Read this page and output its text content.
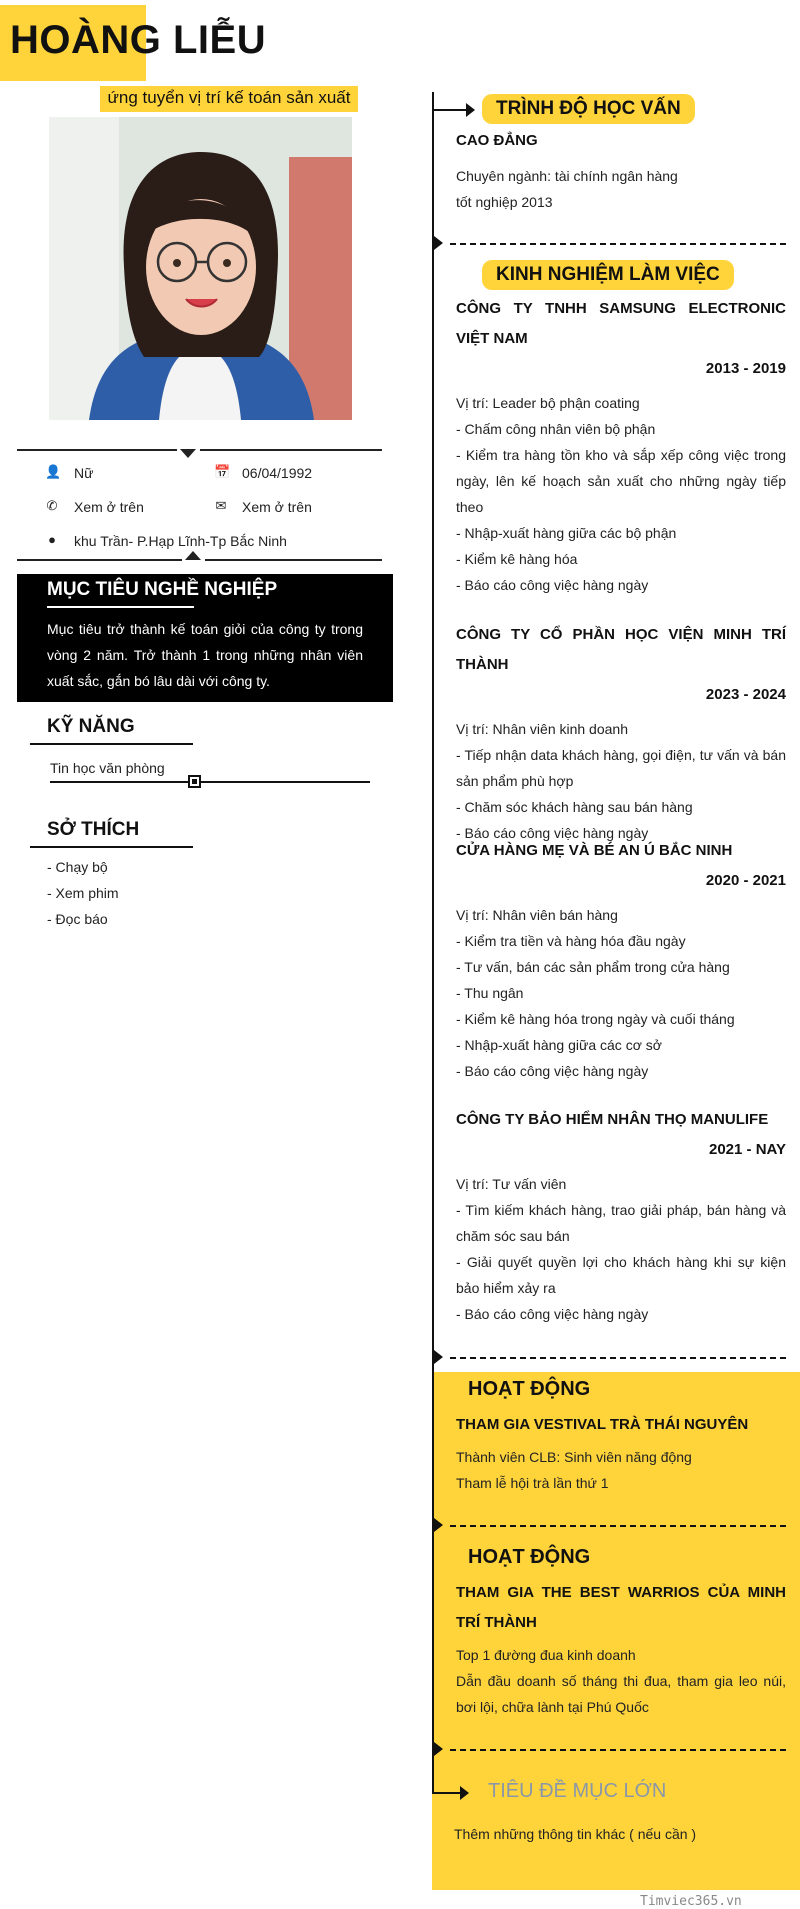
HOÀNG LIỄU
ứng tuyển vị trí kế toán sản xuất
👤 Nữ	📅 06/04/1992
✆ Xem ở trên	✉ Xem ở trên
● khu Trần- P.Hạp Lĩnh-Tp Bắc Ninh
MỤC TIÊU NGHỀ NGHIỆP
Mục tiêu trở thành kế toán giỏi của công ty trong vòng 2 năm. Trở thành 1 trong những nhân viên xuất sắc, gắn bó lâu dài với công ty.
KỸ NĂNG
Tin học văn phòng
SỞ THÍCH
- Chạy bộ
- Xem phim
- Đọc báo
TRÌNH ĐỘ HỌC VẤN
CAO ĐẲNG
Chuyên ngành: tài chính ngân hàng
tốt nghiệp 2013
KINH NGHIỆM LÀM VIỆC
CÔNG TY TNHH SAMSUNG ELECTRONIC VIỆT NAM
2013 - 2019
Vị trí: Leader bộ phận coating
- Chấm công nhân viên bộ phận
- Kiểm tra hàng tồn kho và sắp xếp công việc trong ngày, lên kế hoạch sản xuất cho những ngày tiếp theo
- Nhập-xuất hàng giữa các bộ phận
- Kiểm kê hàng hóa
- Báo cáo công việc hàng ngày
CÔNG TY CỔ PHẦN HỌC VIỆN MINH TRÍ THÀNH
2023 - 2024
Vị trí: Nhân viên kinh doanh
- Tiếp nhận data khách hàng, gọi điện, tư vấn và bán sản phẩm phù hợp
- Chăm sóc khách hàng sau bán hàng
- Báo cáo công việc hàng ngày
CỬA HÀNG MẸ VÀ BÉ AN Ú BẮC NINH
2020 - 2021
Vị trí: Nhân viên bán hàng
- Kiểm tra tiền và hàng hóa đầu ngày
- Tư vấn, bán các sản phẩm trong cửa hàng
- Thu ngân
- Kiểm kê hàng hóa trong ngày và cuối tháng
- Nhập-xuất hàng giữa các cơ sở
- Báo cáo công việc hàng ngày
CÔNG TY BẢO HIỂM NHÂN THỌ MANULIFE
2021 - NAY
Vị trí: Tư vấn viên
- Tìm kiếm khách hàng, trao giải pháp, bán hàng và chăm sóc sau bán
- Giải quyết quyền lợi cho khách hàng khi sự kiện bảo hiểm xảy ra
- Báo cáo công việc hàng ngày
HOẠT ĐỘNG
THAM GIA VESTIVAL TRÀ THÁI NGUYÊN
Thành viên CLB: Sinh viên năng động
Tham lễ hội trà lần thứ 1
HOẠT ĐỘNG
THAM GIA THE BEST WARRIOS CỦA MINH TRÍ THÀNH
Top 1 đường đua kinh doanh
Dẫn đầu doanh số tháng thi đua, tham gia leo núi, bơi lội, chữa lành tại Phú Quốc
TIÊU ĐỀ MỤC LỚN
Thêm những thông tin khác ( nếu cần )
Timviec365.vn
